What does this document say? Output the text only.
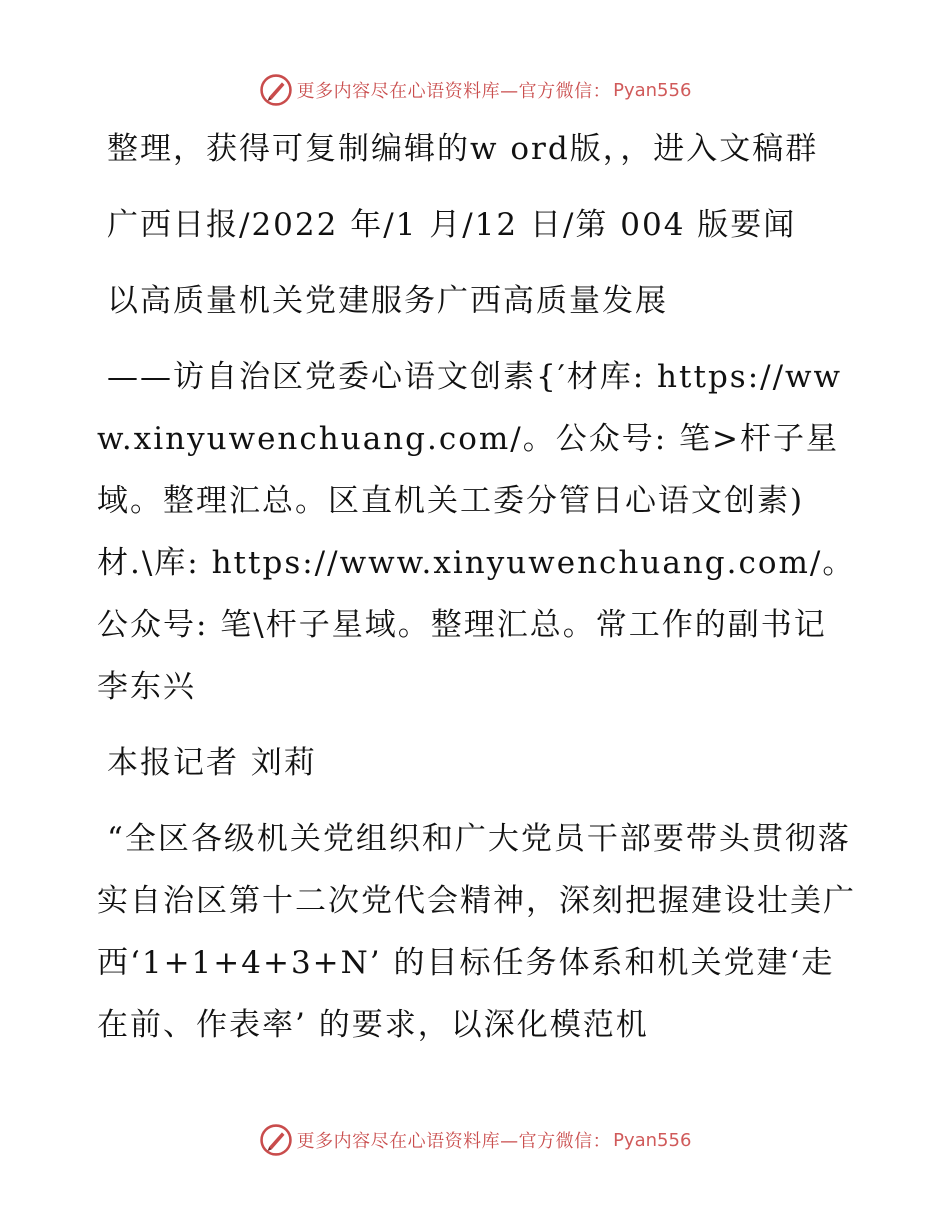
更多内容尽在心语资料库—官方微信： Pyan556

整理，获得可复制编辑的w ord版，，进入文稿群

广西日报/2022 年/1 月/12 日/第 004 版要闻

以高质量机关党建服务广西高质量发展

——访自治区党委心语文创素{′材库: https://www.xinyuwenchuang.com/。公众号: 笔>杆子星域。整理汇总。区直机关工委分管日心语文创素)材.\库: https://www.xinyuwenchuang.com/。公众号: 笔\杆子星域。整理汇总。常工作的副书记李东兴

本报记者 刘莉

“全区各级机关党组织和广大党员干部要带头贯彻落实自治区第十二次党代会精神，深刻把握建设壮美广西‘1+1+4+3+N’ 的目标任务体系和机关党建‘走在前、作表率’ 的要求，以深化模范机

更多内容尽在心语资料库—官方微信： Pyan556
